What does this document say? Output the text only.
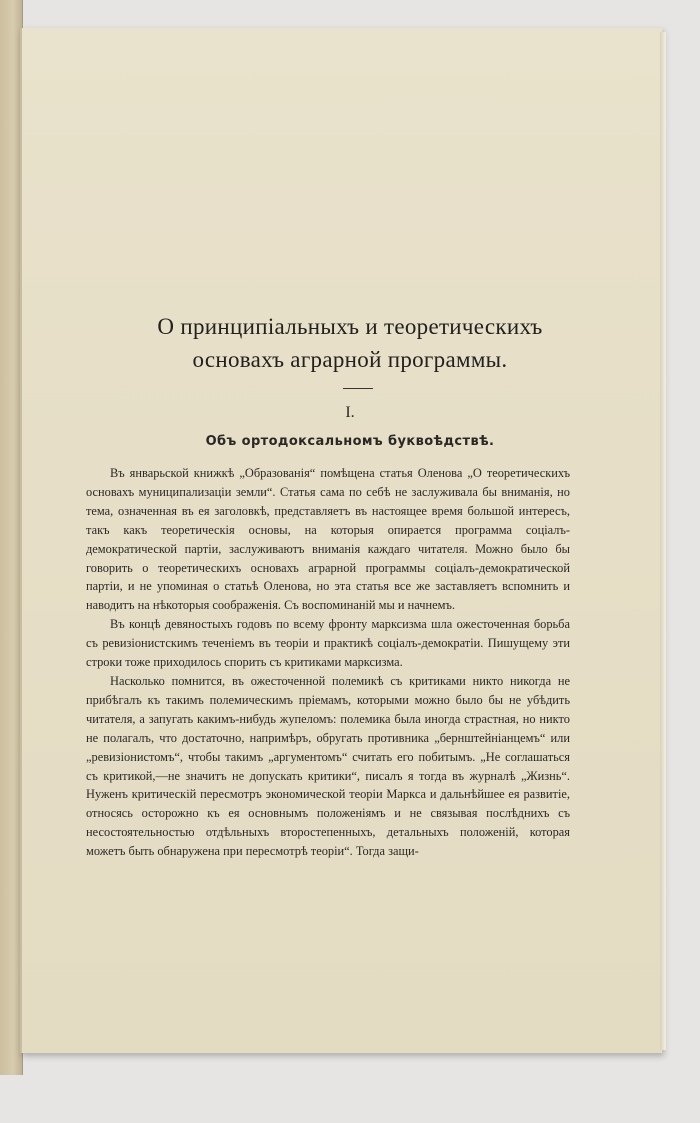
О принципіальныхъ и теоретическихъ
основахъ аграрной программы.
I.
Объ ортодоксальномъ буквоѣдствѣ.

Въ январьской книжкѣ „Образованія“ помѣщена статья Оленова „О теоретическихъ основахъ муниципализаціи земли“. Статья сама по себѣ не заслуживала бы вниманія, но тема, означенная въ ея заголовкѣ, представляетъ въ настоящее время большой интересъ, такъ какъ теоретическія основы, на которыя опирается программа соціалъ-демократической партіи, заслуживаютъ вниманія каждаго читателя. Можно было бы говорить о теоретическихъ основахъ аграрной программы соціалъ-демократической партіи, и не упоминая о статьѣ Оленова, но эта статья все же заставляетъ вспомнить и наводитъ на нѣкоторыя соображенія. Съ воспоминаній мы и начнемъ.

Въ концѣ девяностыхъ годовъ по всему фронту марксизма шла ожесточенная борьба съ ревизіонистскимъ теченіемъ въ теоріи и практикѣ соціалъ-демократіи. Пишущему эти строки тоже приходилось спорить съ критиками марксизма.

Насколько помнится, въ ожесточенной полемикѣ съ критиками никто никогда не прибѣгалъ къ такимъ полемическимъ пріемамъ, которыми можно было бы не убѣдить читателя, а запугать какимъ-нибудь жупеломъ: полемика была иногда страстная, но никто не полагалъ, что достаточно, напримѣръ, обругать противника „бернштейніанцемъ“ или „ревизіонистомъ“, чтобы такимъ „аргументомъ“ считать его побитымъ. „Не соглашаться съ критикой,—не значитъ не допускать критики“, писалъ я тогда въ журналѣ „Жизнь“. Нуженъ критическій пересмотръ экономической теоріи Маркса и дальнѣйшее ея развитіе, относясь осторожно къ ея основнымъ положеніямъ и не связывая послѣднихъ съ несостоятельностью отдѣльныхъ второстепенныхъ, детальныхъ положеній, которая можетъ быть обнаружена при пересмотрѣ теоріи“. Тогда защи-
